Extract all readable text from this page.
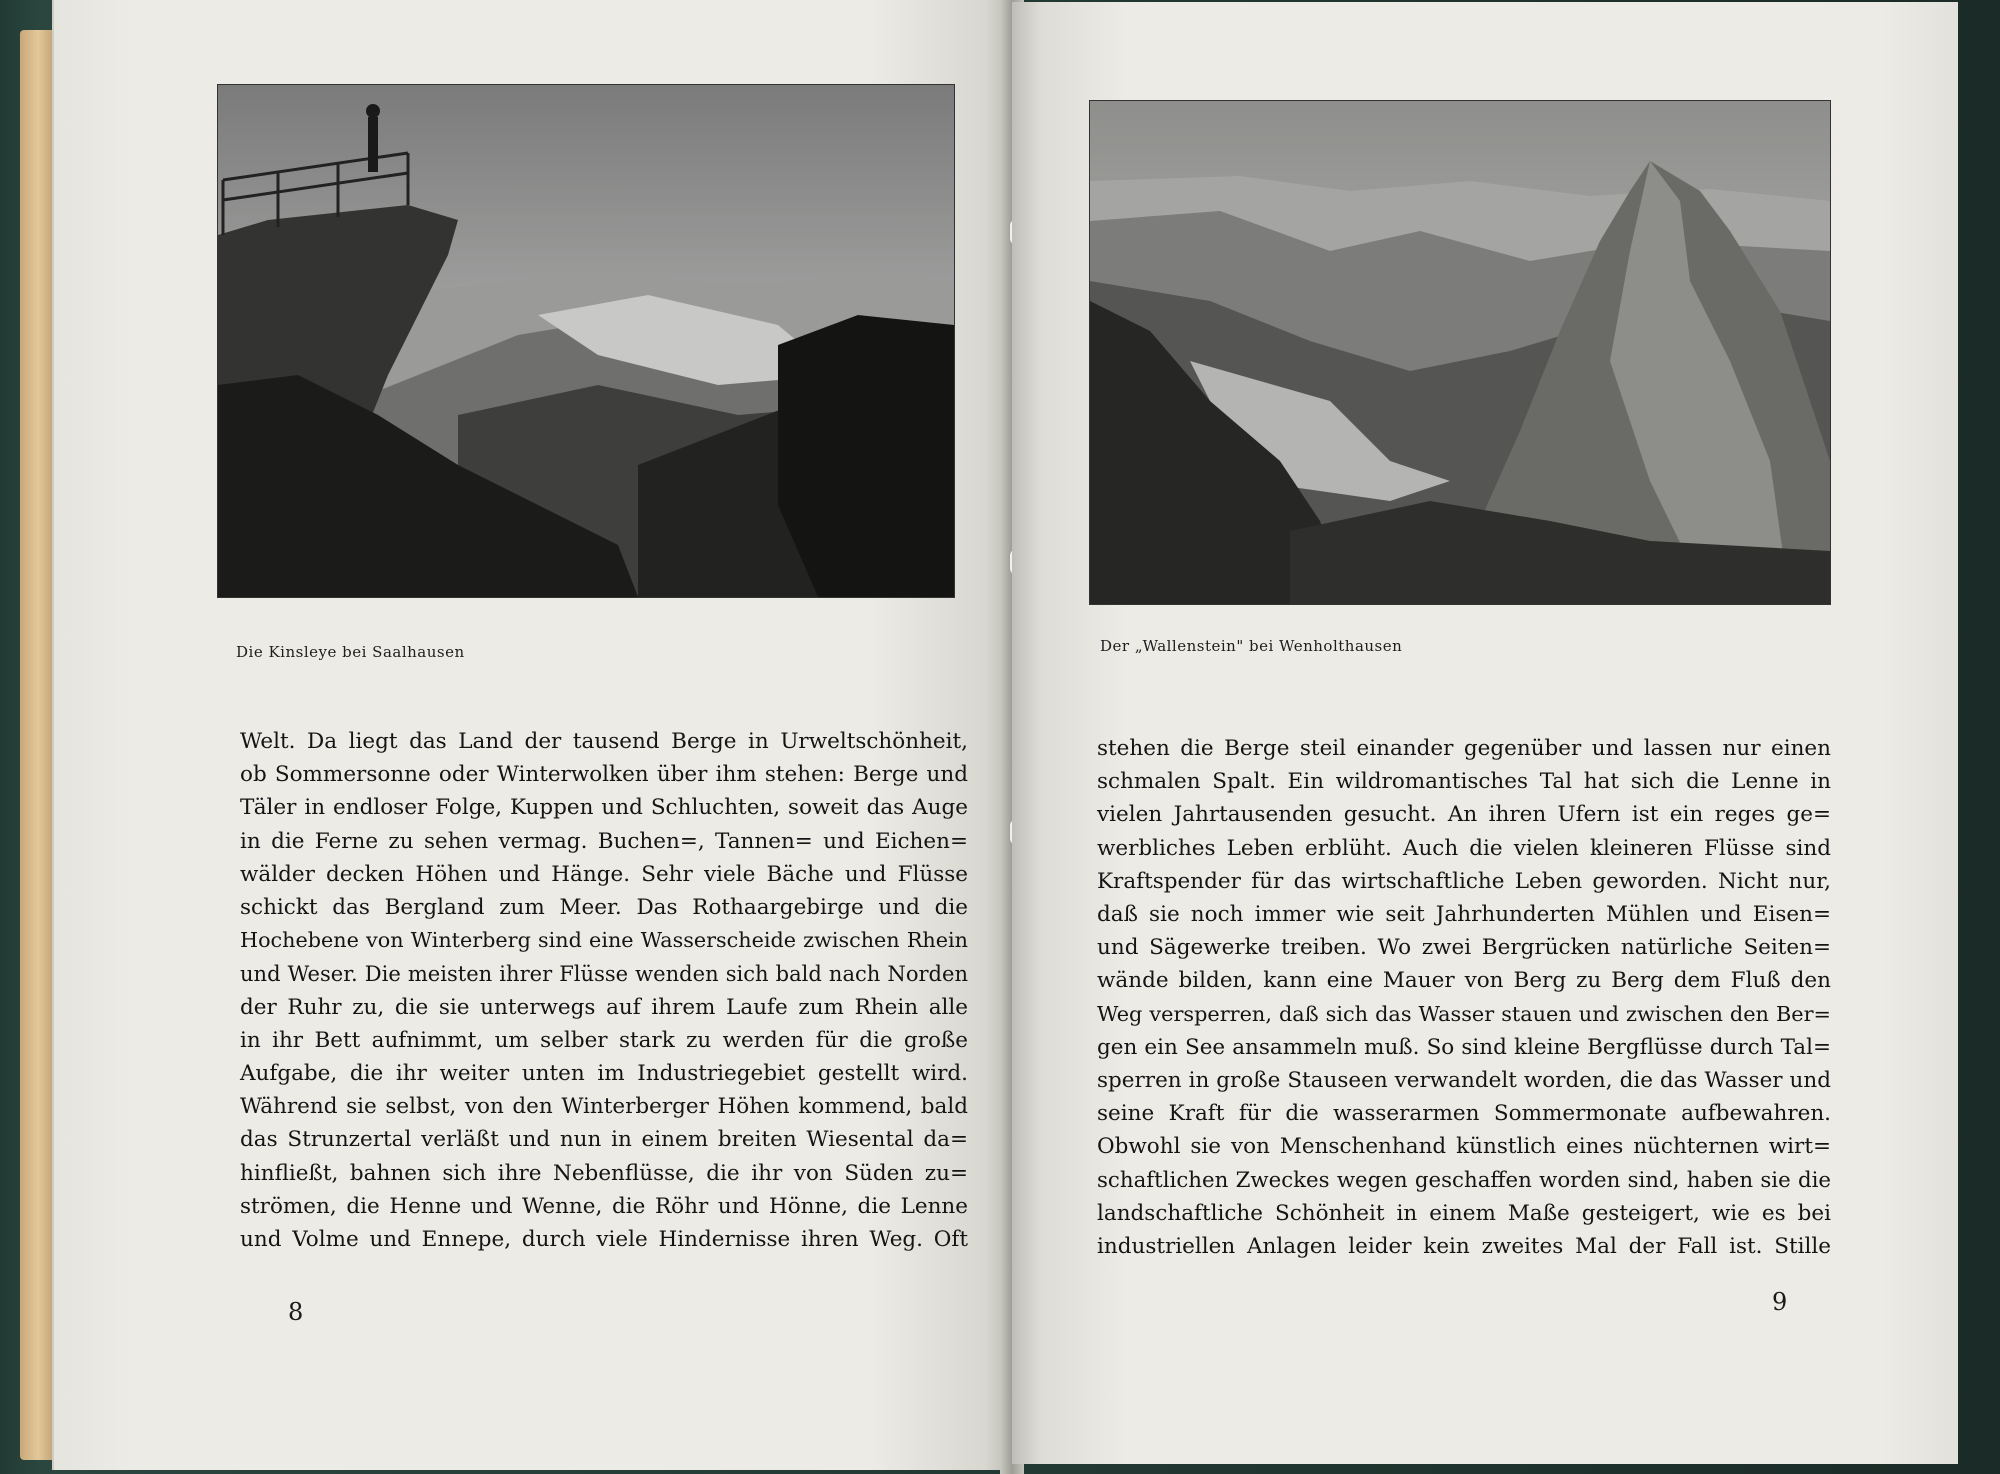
Die Kinsleye bei Saalhausen
Welt. Da liegt das Land der tausend Berge in Urweltschönheit,
ob Sommersonne oder Winterwolken über ihm stehen: Berge und
Täler in endloser Folge, Kuppen und Schluchten, soweit das Auge
in die Ferne zu sehen vermag. Buchen=, Tannen= und Eichen=
wälder decken Höhen und Hänge. Sehr viele Bäche und Flüsse
schickt das Bergland zum Meer. Das Rothaargebirge und die
Hochebene von Winterberg sind eine Wasserscheide zwischen Rhein
und Weser. Die meisten ihrer Flüsse wenden sich bald nach Norden
der Ruhr zu, die sie unterwegs auf ihrem Laufe zum Rhein alle
in ihr Bett aufnimmt, um selber stark zu werden für die große
Aufgabe, die ihr weiter unten im Industriegebiet gestellt wird.
Während sie selbst, von den Winterberger Höhen kommend, bald
das Strunzertal verläßt und nun in einem breiten Wiesental da=
hinfließt, bahnen sich ihre Nebenflüsse, die ihr von Süden zu=
strömen, die Henne und Wenne, die Röhr und Hönne, die Lenne
und Volme und Ennepe, durch viele Hindernisse ihren Weg. Oft
8
Der „Wallenstein" bei Wenholthausen
stehen die Berge steil einander gegenüber und lassen nur einen
schmalen Spalt. Ein wildromantisches Tal hat sich die Lenne in
vielen Jahrtausenden gesucht. An ihren Ufern ist ein reges ge=
werbliches Leben erblüht. Auch die vielen kleineren Flüsse sind
Kraftspender für das wirtschaftliche Leben geworden. Nicht nur,
daß sie noch immer wie seit Jahrhunderten Mühlen und Eisen=
und Sägewerke treiben. Wo zwei Bergrücken natürliche Seiten=
wände bilden, kann eine Mauer von Berg zu Berg dem Fluß den
Weg versperren, daß sich das Wasser stauen und zwischen den Ber=
gen ein See ansammeln muß. So sind kleine Bergflüsse durch Tal=
sperren in große Stauseen verwandelt worden, die das Wasser und
seine Kraft für die wasserarmen Sommermonate aufbewahren.
Obwohl sie von Menschenhand künstlich eines nüchternen wirt=
schaftlichen Zweckes wegen geschaffen worden sind, haben sie die
landschaftliche Schönheit in einem Maße gesteigert, wie es bei
industriellen Anlagen leider kein zweites Mal der Fall ist. Stille
9
